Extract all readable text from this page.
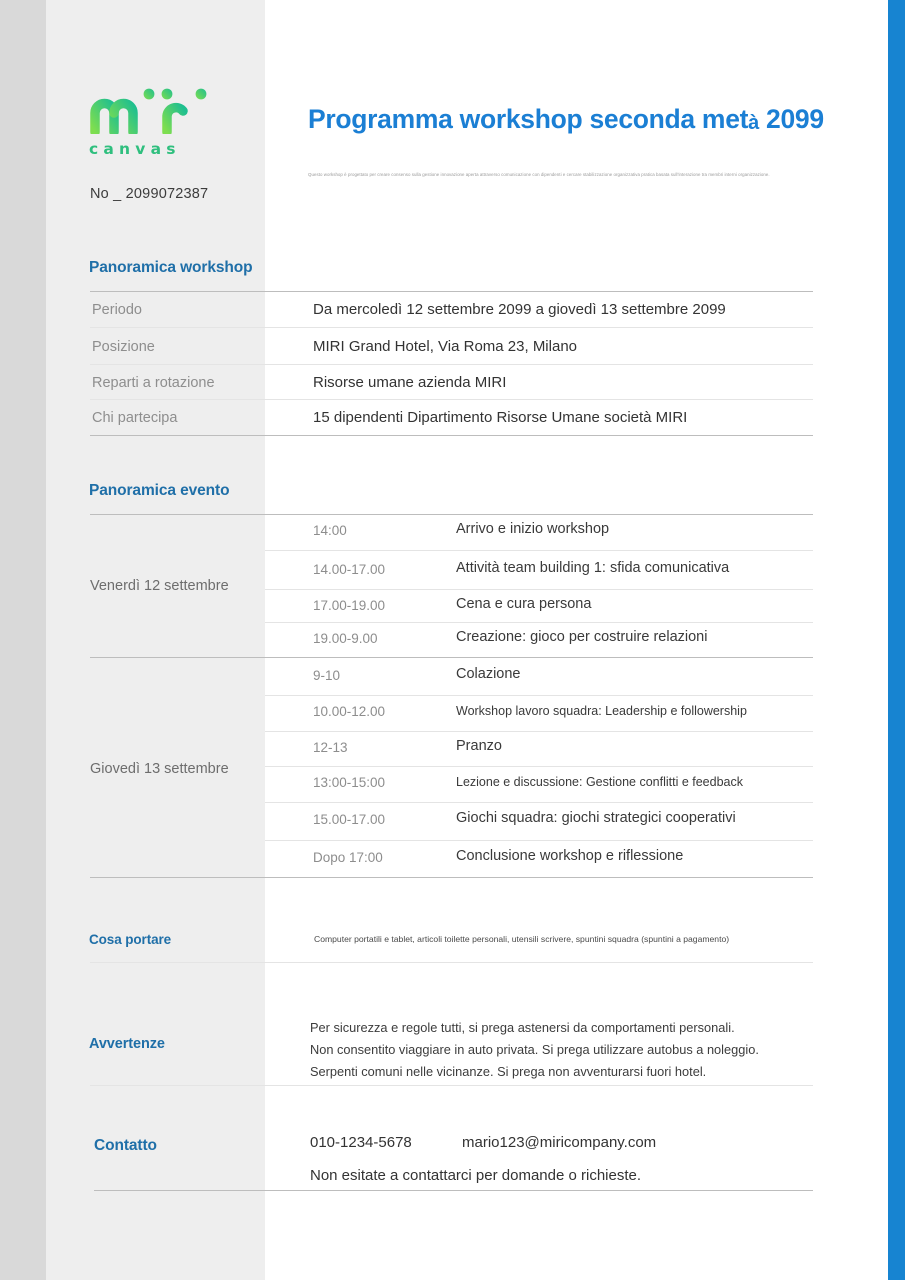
canvas
No _ 2099072387
Programma workshop seconda metà 2099
Questo workshop è progettato per creare consenso sulla gestione innovazione aperta attraverso comunicazione con dipendenti e cercare stabilizzazione organizzativa pratica basata sull'interazione tra membri interni organizzazione.
Panoramica workshop
Periodo	Da mercoledì 12 settembre 2099 a giovedì 13 settembre 2099
Posizione	MIRI Grand Hotel, Via Roma 23, Milano
Reparti a rotazione	Risorse umane azienda MIRI
Chi partecipa	15 dipendenti Dipartimento Risorse Umane società MIRI
Panoramica evento
Venerdì 12 settembre
14:00	Arrivo e inizio workshop
14.00-17.00	Attività team building 1: sfida comunicativa
17.00-19.00	Cena e cura persona
19.00-9.00	Creazione: gioco per costruire relazioni
Giovedì 13 settembre
9-10	Colazione
10.00-12.00	Workshop lavoro squadra: Leadership e followership
12-13	Pranzo
13:00-15:00	Lezione e discussione: Gestione conflitti e feedback
15.00-17.00	Giochi squadra: giochi strategici cooperativi
Dopo 17:00	Conclusione workshop e riflessione
Cosa portare	Computer portatili e tablet, articoli toilette personali, utensili scrivere, spuntini squadra (spuntini a pagamento)
Avvertenze
Per sicurezza e regole tutti, si prega astenersi da comportamenti personali.
Non consentito viaggiare in auto privata. Si prega utilizzare autobus a noleggio.
Serpenti comuni nelle vicinanze. Si prega non avventurarsi fuori hotel.
Contatto	010-1234-5678	mario123@miricompany.com
Non esitate a contattarci per domande o richieste.
